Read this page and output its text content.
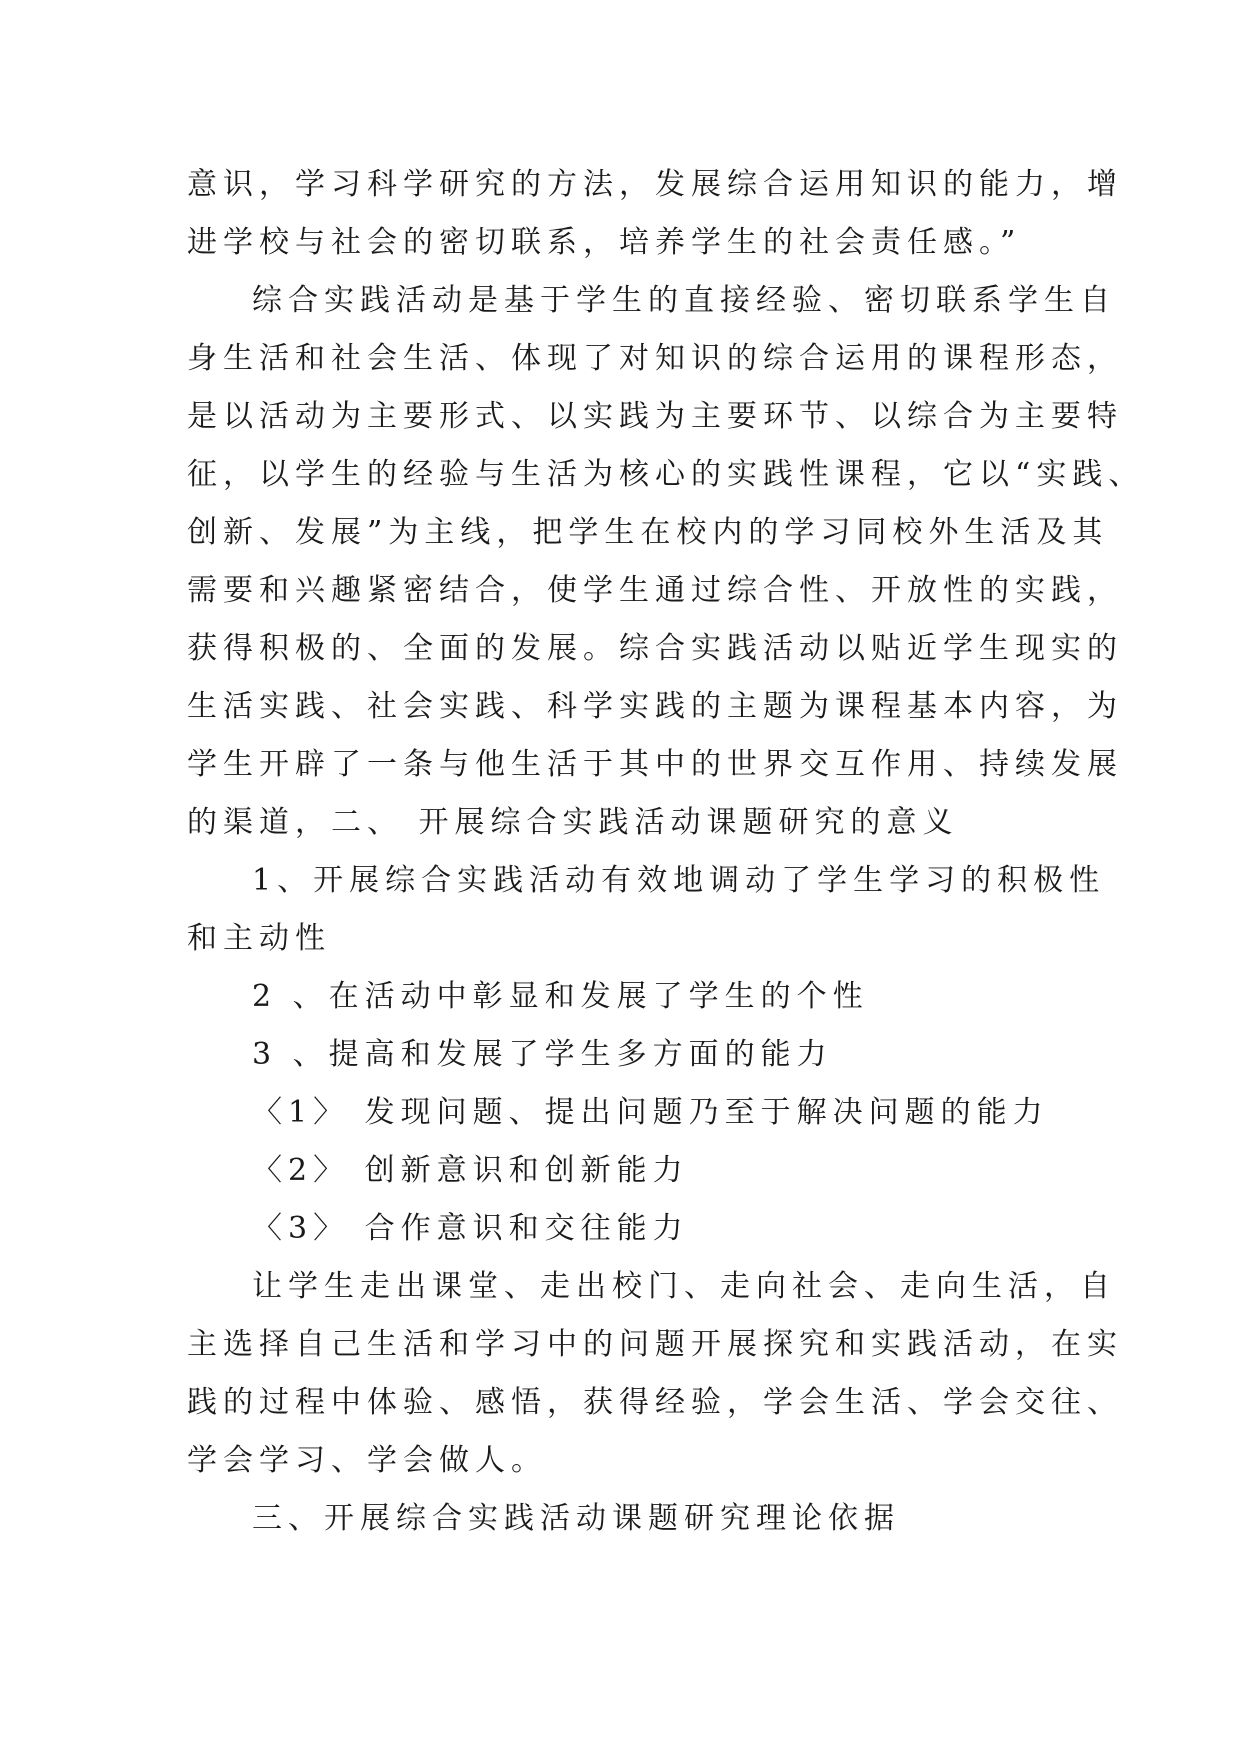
意识，学习科学研究的方法，发展综合运用知识的能力，增
进学校与社会的密切联系，培养学生的社会责任感。”
综合实践活动是基于学生的直接经验、密切联系学生自
身生活和社会生活、体现了对知识的综合运用的课程形态，
是以活动为主要形式、以实践为主要环节、以综合为主要特
征，以学生的经验与生活为核心的实践性课程，它以“实践、
创新、发展”为主线，把学生在校内的学习同校外生活及其
需要和兴趣紧密结合，使学生通过综合性、开放性的实践，
获得积极的、全面的发展。综合实践活动以贴近学生现实的
生活实践、社会实践、科学实践的主题为课程基本内容，为
学生开辟了一条与他生活于其中的世界交互作用、持续发展
的渠道，二、 开展综合实践活动课题研究的意义
1、开展综合实践活动有效地调动了学生学习的积极性
和主动性
2 、在活动中彰显和发展了学生的个性
3 、提高和发展了学生多方面的能力
〈1〉 发现问题、提出问题乃至于解决问题的能力
〈2〉 创新意识和创新能力
〈3〉 合作意识和交往能力
让学生走出课堂、走出校门、走向社会、走向生活，自
主选择自己生活和学习中的问题开展探究和实践活动，在实
践的过程中体验、感悟，获得经验，学会生活、学会交往、
学会学习、学会做人。
三、开展综合实践活动课题研究理论依据
